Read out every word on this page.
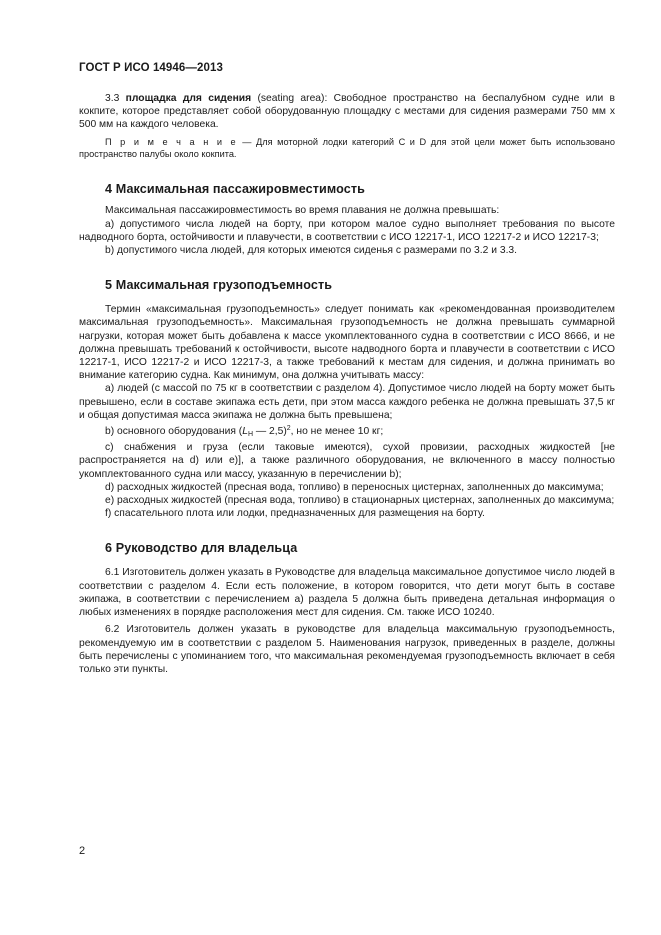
ГОСТ Р ИСО 14946—2013

3.3 площадка для сидения (seating area): Свободное пространство на беспалубном судне или в кокпите, которое представляет собой оборудованную площадку с местами для сидения размерами 750 мм х 500 мм на каждого человека.

П р и м е ч а н и е — Для моторной лодки категорий С и D для этой цели может быть использовано пространство палубы около кокпита.

4 Максимальная пассажировместимость

Максимальная пассажировместимость во время плавания не должна превышать:

а) допустимого числа людей на борту, при котором малое судно выполняет требования по высоте надводного борта, остойчивости и плавучести, в соответствии с ИСО 12217-1, ИСО 12217-2 и ИСО 12217-3;

b) допустимого числа людей, для которых имеются сиденья с размерами по 3.2 и 3.3.

5 Максимальная грузоподъемность

Термин «максимальная грузоподъемность» следует понимать как «рекомендованная производителем максимальная грузоподъемность». Максимальная грузоподъемность не должна превышать суммарной нагрузки, которая может быть добавлена к массе укомплектованного судна в соответствии с ИСО 8666, и не должна превышать требований к остойчивости, высоте надводного борта и плавучести в соответствии с ИСО 12217-1, ИСО 12217-2 и ИСО 12217-3, а также требований к местам для сидения, и должна принимать во внимание категорию судна. Как минимум, она должна учитывать массу:

а) людей (с массой по 75 кг в соответствии с разделом 4). Допустимое число людей на борту может быть превышено, если в составе экипажа есть дети, при этом масса каждого ребенка не должна превышать 37,5 кг и общая допустимая масса экипажа не должна быть превышена;

b) основного оборудования ($L_H$ — 2,5)$^2$, но не менее 10 кг;

с) снабжения и груза (если таковые имеются), сухой провизии, расходных жидкостей [не распространяется на d) или е)], а также различного оборудования, не включенного в массу полностью укомплектованного судна или массу, указанную в перечислении b);

d) расходных жидкостей (пресная вода, топливо) в переносных цистернах, заполненных до максимума;

е) расходных жидкостей (пресная вода, топливо) в стационарных цистернах, заполненных до максимума;

f) спасательного плота или лодки, предназначенных для размещения на борту.

6 Руководство для владельца

6.1 Изготовитель должен указать в Руководстве для владельца максимальное допустимое число людей в соответствии с разделом 4. Если есть положение, в котором говорится, что дети могут быть в составе экипажа, в соответствии с перечислением а) раздела 5 должна быть приведена детальная информация о любых изменениях в порядке расположения мест для сидения. См. также ИСО 10240.

6.2 Изготовитель должен указать в руководстве для владельца максимальную грузоподъемность, рекомендуемую им в соответствии с разделом 5. Наименования нагрузок, приведенных в разделе, должны быть перечислены с упоминанием того, что максимальная рекомендуемая грузоподъемность включает в себя только эти пункты.

2
